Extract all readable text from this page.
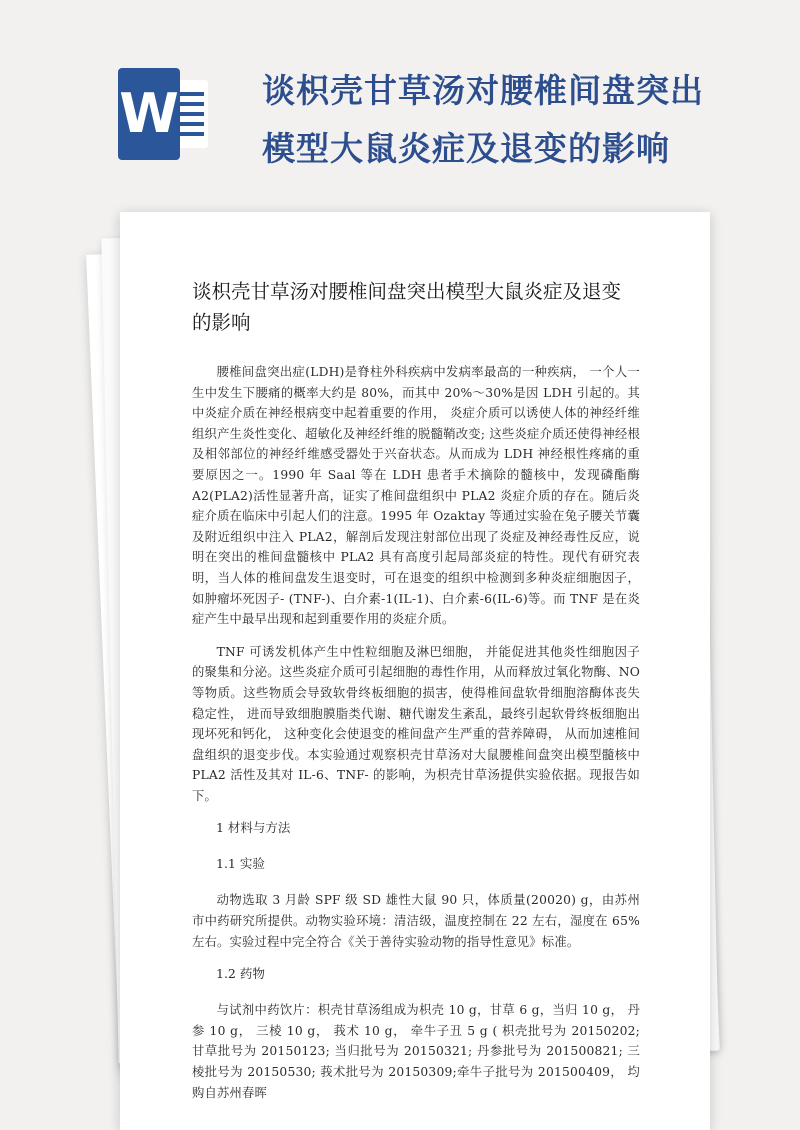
W	谈枳壳甘草汤对腰椎间盘突出
模型大鼠炎症及退变的影响
谈枳壳甘草汤对腰椎间盘突出模型大鼠炎症及退变的影响

腰椎间盘突出症(LDH)是脊柱外科疾病中发病率最高的一种疾病， 一个人一生中发生下腰痛的概率大约是 80%，而其中 20%～30%是因 LDH 引起的。其中炎症介质在神经根病变中起着重要的作用， 炎症介质可以诱使人体的神经纤维组织产生炎性变化、超敏化及神经纤维的脱髓鞘改变; 这些炎症介质还使得神经根及相邻部位的神经纤维感受器处于兴奋状态。从而成为 LDH 神经根性疼痛的重要原因之一。1990 年 Saal 等在 LDH 患者手术摘除的髓核中，发现磷酯酶 A2(PLA2)活性显著升高，证实了椎间盘组织中 PLA2 炎症介质的存在。随后炎症介质在临床中引起人们的注意。1995 年 Ozaktay 等通过实验在兔子腰关节囊及附近组织中注入 PLA2，解剖后发现注射部位出现了炎症及神经毒性反应，说明在突出的椎间盘髓核中 PLA2 具有高度引起局部炎症的特性。现代有研究表明，当人体的椎间盘发生退变时，可在退变的组织中检测到多种炎症细胞因子，如肿瘤坏死因子- (TNF-)、白介素-1(IL-1)、白介素-6(IL-6)等。而 TNF 是在炎症产生中最早出现和起到重要作用的炎症介质。

TNF 可诱发机体产生中性粒细胞及淋巴细胞， 并能促进其他炎性细胞因子的聚集和分泌。这些炎症介质可引起细胞的毒性作用，从而释放过氧化物酶、NO 等物质。这些物质会导致软骨终板细胞的损害，使得椎间盘软骨细胞溶酶体丧失稳定性， 进而导致细胞膜脂类代谢、糖代谢发生紊乱，最终引起软骨终板细胞出现坏死和钙化， 这种变化会使退变的椎间盘产生严重的营养障碍， 从而加速椎间盘组织的退变步伐。本实验通过观察枳壳甘草汤对大鼠腰椎间盘突出模型髓核中 PLA2 活性及其对 IL-6、TNF- 的影响，为枳壳甘草汤提供实验依据。现报告如下。

1 材料与方法
1.1 实验

动物选取 3 月龄 SPF 级 SD 雄性大鼠 90 只，体质量(20020) g，由苏州市中药研究所提供。动物实验环境：清洁级，温度控制在 22 左右，湿度在 65%左右。实验过程中完全符合《关于善待实验动物的指导性意见》标准。

1.2 药物

与试剂中药饮片：枳壳甘草汤组成为枳壳 10 g，甘草 6 g，当归 10 g， 丹参 10 g， 三棱 10 g， 莪术 10 g， 牵牛子丑 5 g ( 枳壳批号为 20150202; 甘草批号为 20150123; 当归批号为 20150321; 丹参批号为 201500821; 三棱批号为 20150530; 莪术批号为 20150309;牵牛子批号为 201500409， 均购自苏州春晖
